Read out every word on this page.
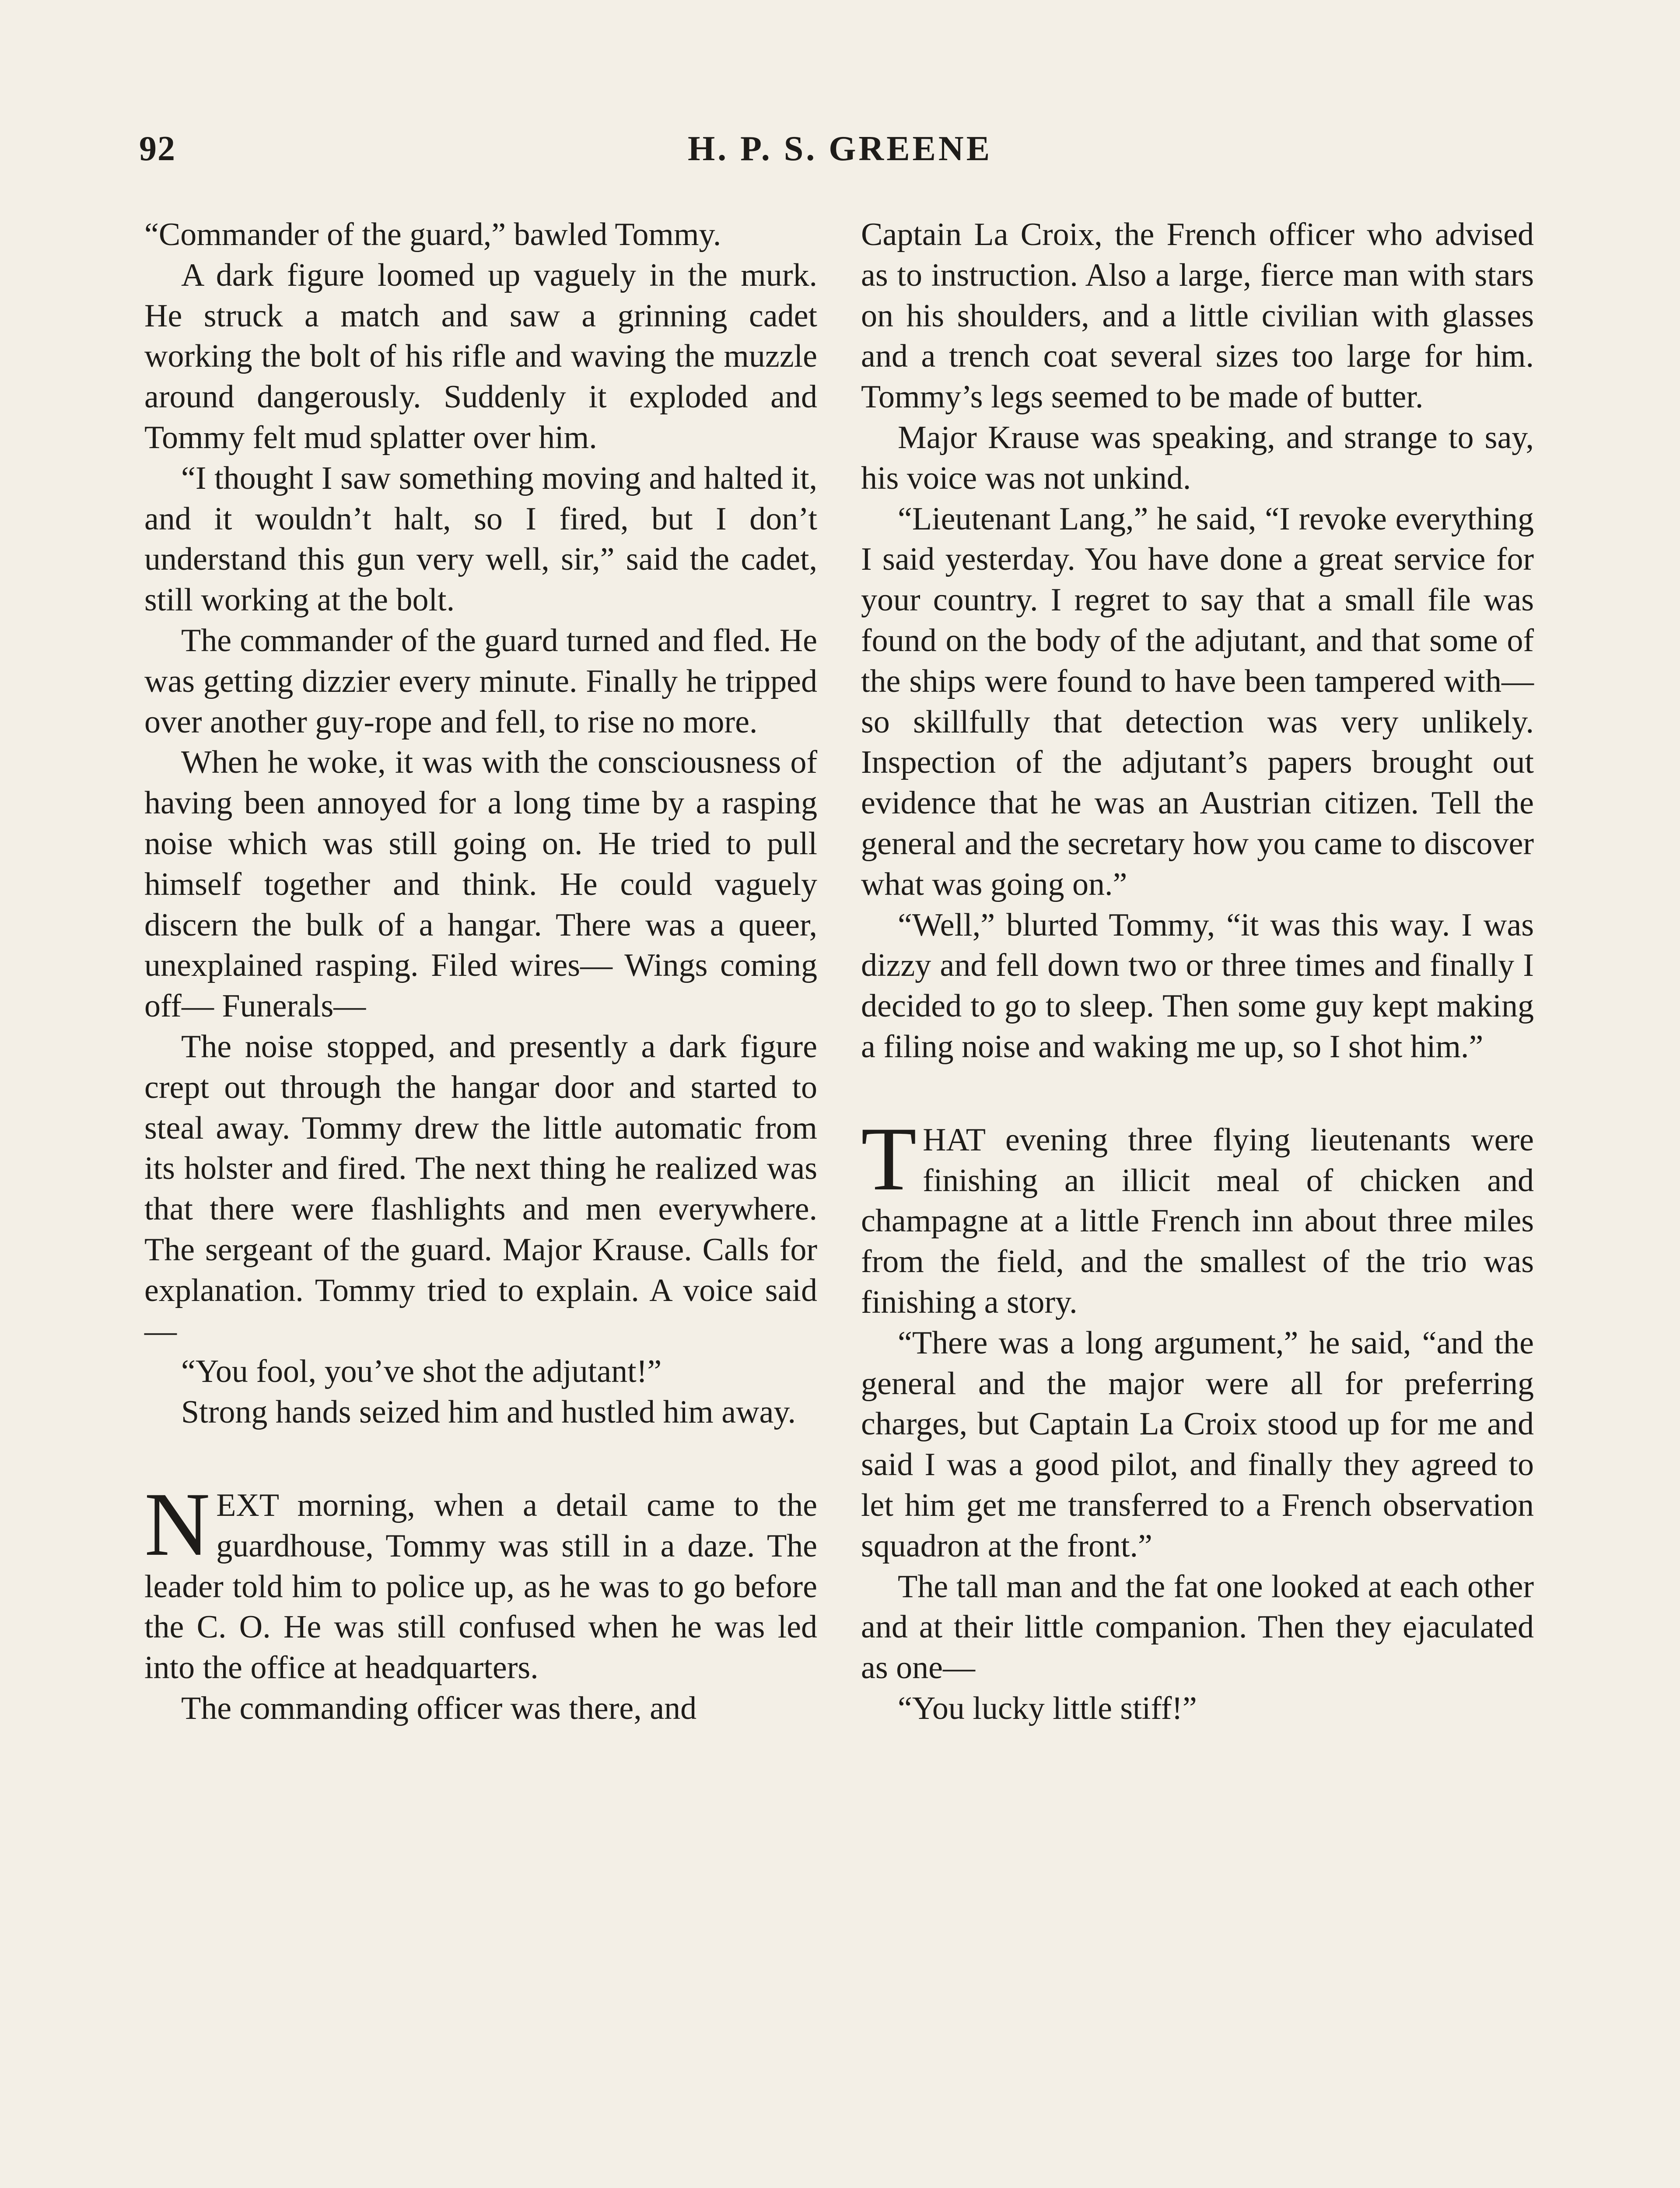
92	H. P. S. GREENE

“Commander of the guard,” bawled Tommy.

A dark figure loomed up vaguely in the murk. He struck a match and saw a grinning cadet working the bolt of his rifle and waving the muzzle around dangerously. Suddenly it exploded and Tommy felt mud splatter over him.

“I thought I saw something moving and halted it, and it wouldn’t halt, so I fired, but I don’t understand this gun very well, sir,” said the cadet, still working at the bolt.

The commander of the guard turned and fled. He was getting dizzier every minute. Finally he tripped over another guy-rope and fell, to rise no more.

When he woke, it was with the consciousness of having been annoyed for a long time by a rasping noise which was still going on. He tried to pull himself together and think. He could vaguely discern the bulk of a hangar. There was a queer, unexplained rasping. Filed wires— Wings coming off— Funerals—

The noise stopped, and presently a dark figure crept out through the hangar door and started to steal away. Tommy drew the little automatic from its holster and fired. The next thing he realized was that there were flashlights and men everywhere. The sergeant of the guard. Major Krause. Calls for explanation. Tommy tried to explain. A voice said—

“You fool, you’ve shot the adjutant!”

Strong hands seized him and hustled him away.

NEXT morning, when a detail came to the guardhouse, Tommy was still in a daze. The leader told him to police up, as he was to go before the C. O. He was still confused when he was led into the office at headquarters.

The commanding officer was there, and

Captain La Croix, the French officer who advised as to instruction. Also a large, fierce man with stars on his shoulders, and a little civilian with glasses and a trench coat several sizes too large for him. Tommy’s legs seemed to be made of butter.

Major Krause was speaking, and strange to say, his voice was not unkind.

“Lieutenant Lang,” he said, “I revoke everything I said yesterday. You have done a great service for your country. I regret to say that a small file was found on the body of the adjutant, and that some of the ships were found to have been tampered with—so skillfully that detection was very unlikely. Inspection of the adjutant’s papers brought out evidence that he was an Austrian citizen. Tell the general and the secretary how you came to discover what was going on.”

“Well,” blurted Tommy, “it was this way. I was dizzy and fell down two or three times and finally I decided to go to sleep. Then some guy kept making a filing noise and waking me up, so I shot him.”

THAT evening three flying lieutenants were finishing an illicit meal of chicken and champagne at a little French inn about three miles from the field, and the smallest of the trio was finishing a story.

“There was a long argument,” he said, “and the general and the major were all for preferring charges, but Captain La Croix stood up for me and said I was a good pilot, and finally they agreed to let him get me transferred to a French observation squadron at the front.”

The tall man and the fat one looked at each other and at their little companion. Then they ejaculated as one—

“You lucky little stiff!”
